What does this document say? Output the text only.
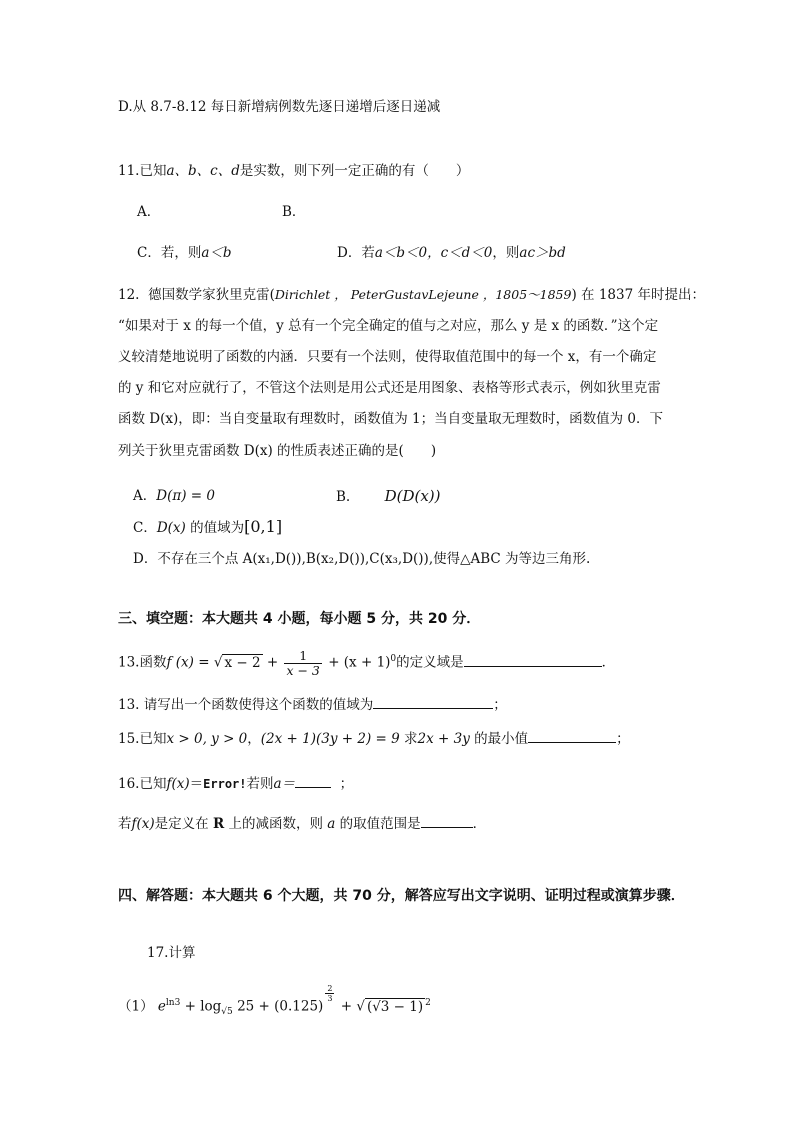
D.从 8.7-8.12 每日新增病例数先逐日递增后逐日递减
11.已知a、b、c、d是实数，则下列一定正确的有（　　）
A．	B．
C．若，则a＜b	D．若a＜b＜0，c＜d＜0，则ac＞bd
12. 德国数学家狄里克雷(Dirichlet ， PeterGustavLejeune ，1805～1859) 在 1837 年时提出：
“如果对于 x 的每一个值，y 总有一个完全确定的值与之对应，那么 y 是 x 的函数．”这个定
义较清楚地说明了函数的内涵．只要有一个法则，使得取值范围中的每一个 x，有一个确定
的 y 和它对应就行了，不管这个法则是用公式还是用图象、表格等形式表示，例如狄里克雷
函数 D(x)，即：当自变量取有理数时，函数值为 1；当自变量取无理数时，函数值为 0．下
列关于狄里克雷函数 D(x) 的性质表述正确的是(　　)
A．D(π) = 0	B. D(D(x))
C．D(x) 的值域为[0,1]
D．不存在三个点 A(x₁,D()),B(x₂,D()),C(x₃,D()),使得△ABC 为等边三角形.
三、填空题：本大题共 4 小题，每小题 5 分，共 20 分．
13.函数f (x) = √ $x - 2 + \frac{1}{x - 3} + (x + 1)^0$的定义域是	．
13. 请写出一个函数使得这个函数的值域为	；
15.已知x > 0, y > 0，(2x + 1)(3y + 2) = 9 求2x + 3y 的最小值	；
16.已知f(x)＝Error!若则a＝	；
若f(x)是定义在 R 上的减函数，则 a 的取值范围是	．
四、解答题：本大题共 6 个大题，共 70 分，解答应写出文字说明、证明过程或演算步骤．
17.计算
（1） $e^{ln3} + \log_{√5} 25 + (0.125)$
$^{\frac{2}{3}}$
+ √ (√3 − 1) $^2$
